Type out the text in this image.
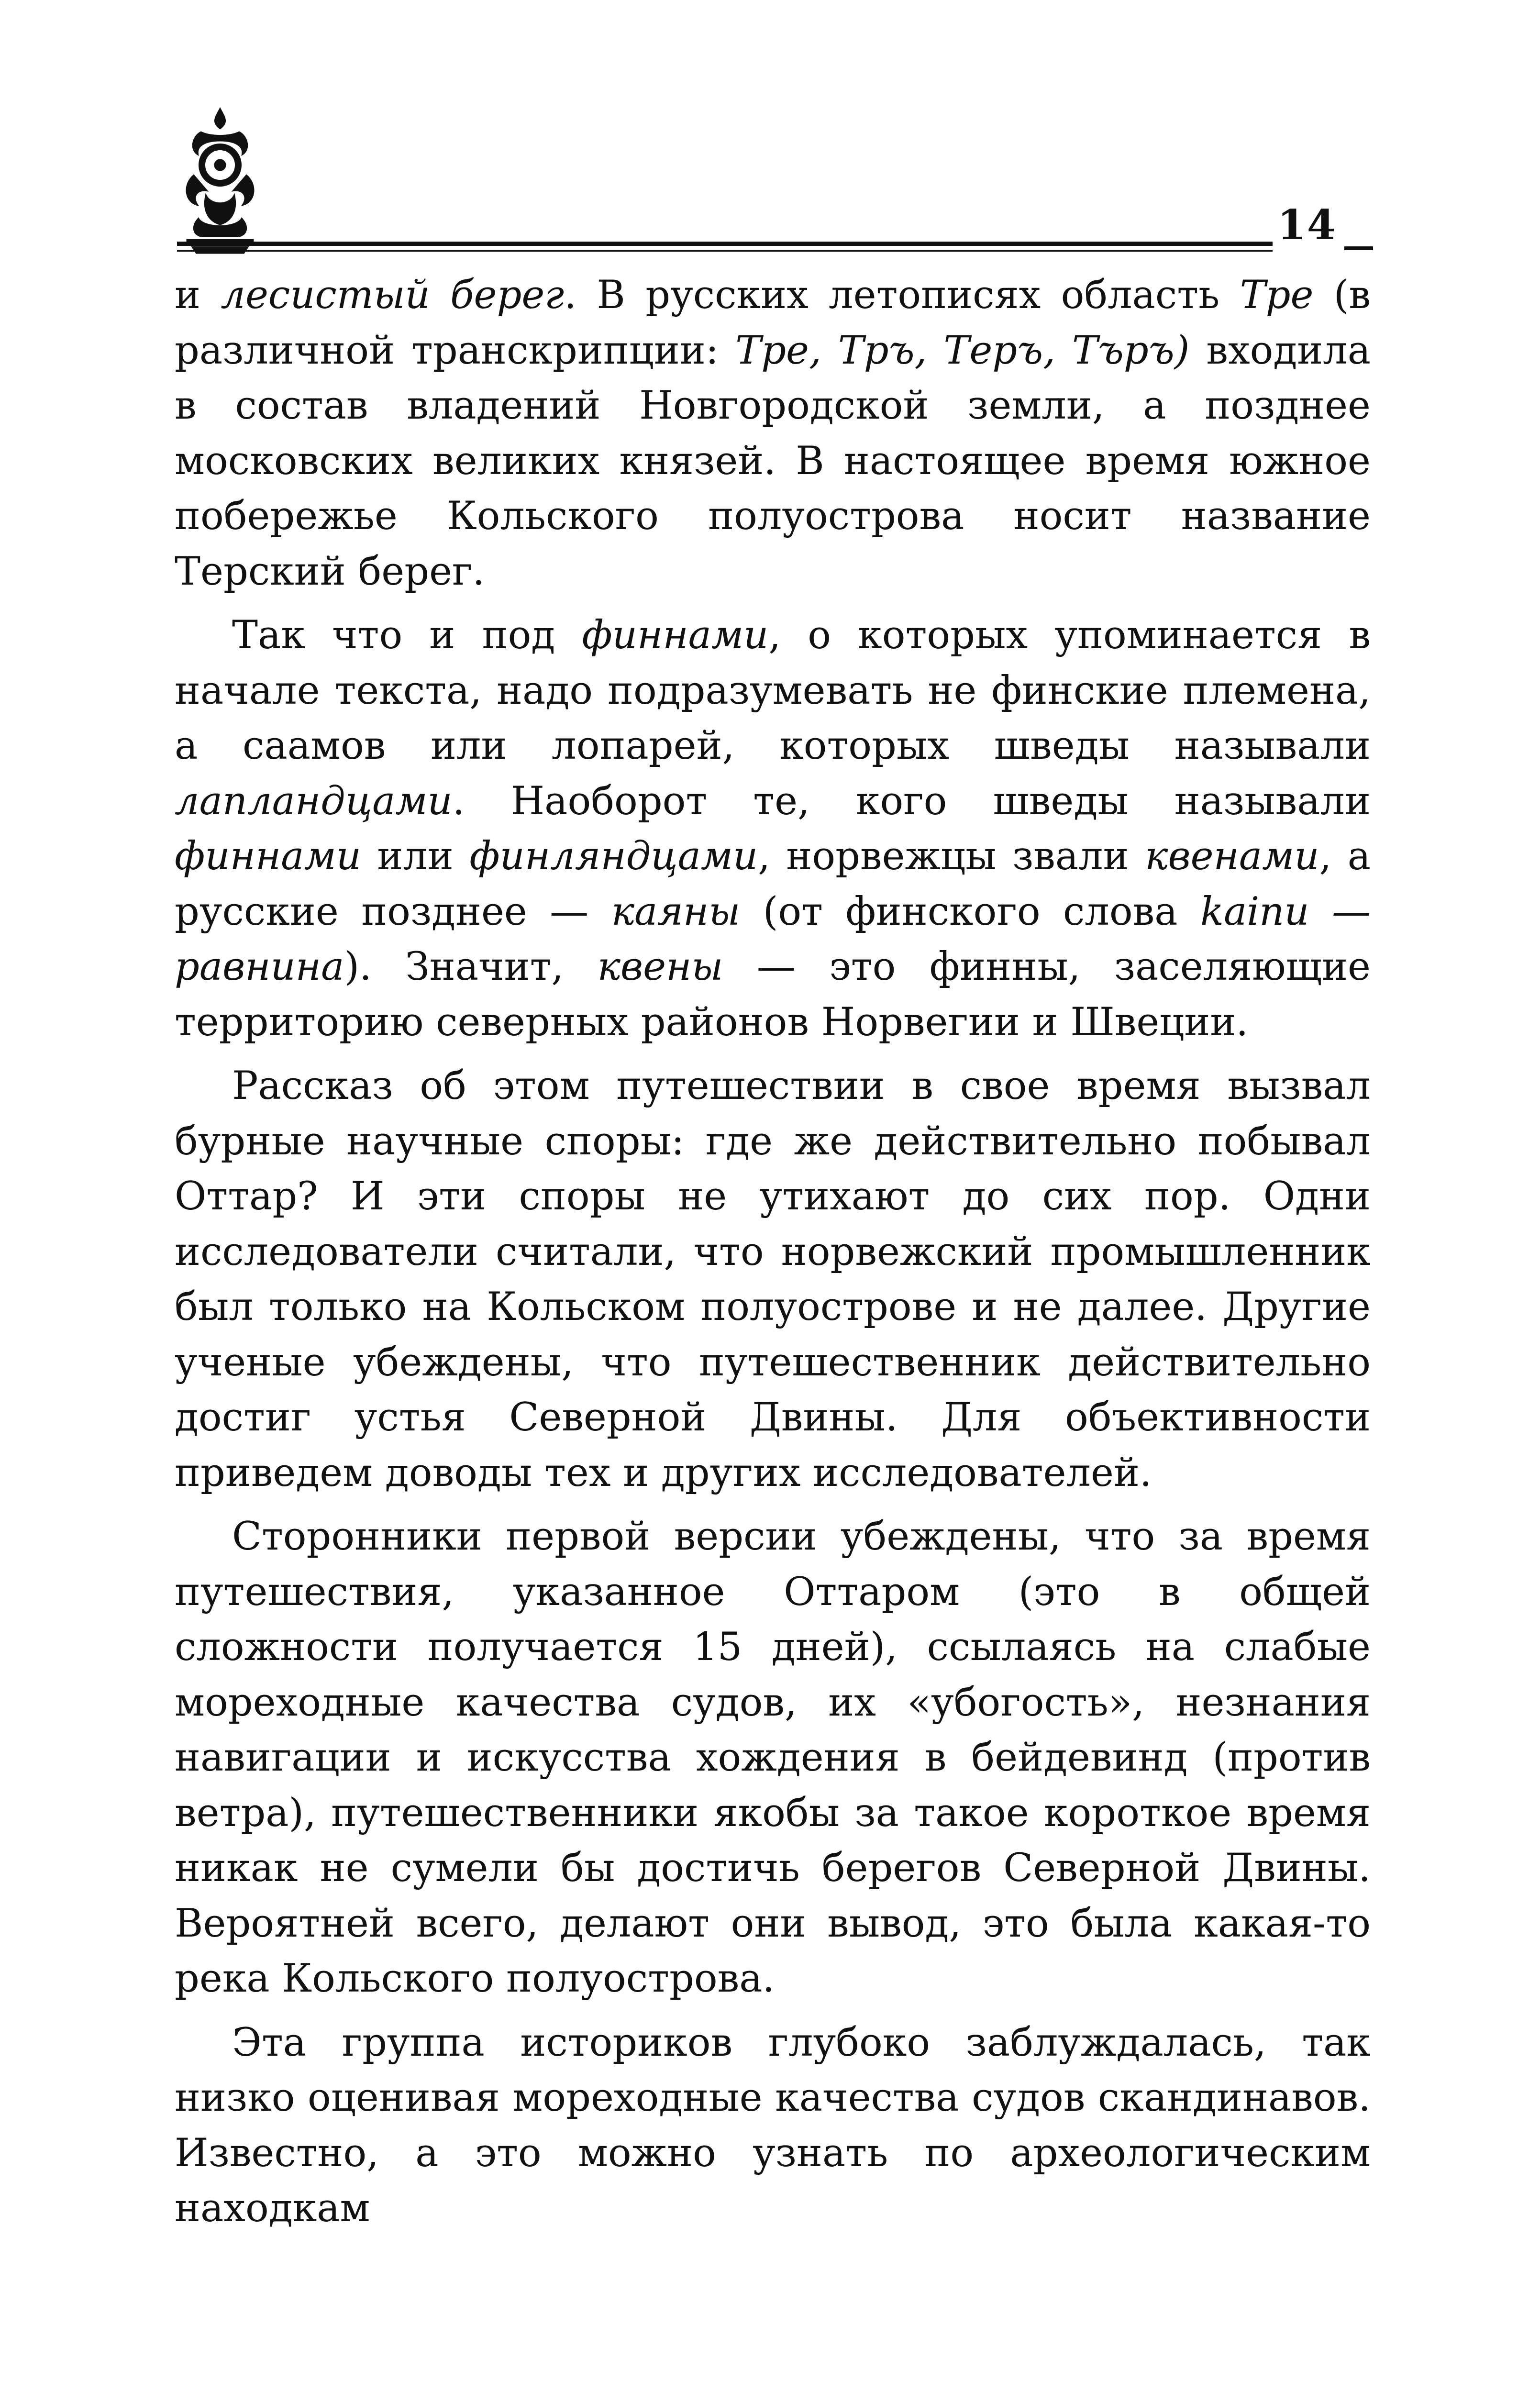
14

и лесистый берег. В русских летописях область Тре (в различной транскрипции: Тре, Тръ, Теръ, Търъ) входила в состав владений Новгородской земли, а позднее московских великих князей. В настоящее время южное побережье Кольского полуострова носит название Терский берег.

Так что и под финнами, о которых упоминается в начале текста, надо подразумевать не финские племена, а саамов или лопарей, которых шведы называли лапландцами. Наоборот те, кого шведы называли финнами или финляндцами, норвежцы звали квенами, а русские позднее — каяны (от финского слова kainu — равнина). Значит, квены — это финны, заселяющие территорию северных районов Норвегии и Швеции.

Рассказ об этом путешествии в свое время вызвал бурные научные споры: где же действительно побывал Оттар? И эти споры не утихают до сих пор. Одни исследователи считали, что норвежский промышленник был только на Кольском полуострове и не далее. Другие ученые убеждены, что путешественник действительно достиг устья Северной Двины. Для объективности приведем доводы тех и других исследователей.

Сторонники первой версии убеждены, что за время путешествия, указанное Оттаром (это в общей сложности получается 15 дней), ссылаясь на слабые мореходные качества судов, их «убогость», незнания навигации и искусства хождения в бейдевинд (против ветра), путешественники якобы за такое короткое время никак не сумели бы достичь берегов Северной Двины. Вероятней всего, делают они вывод, это была какая-то река Кольского полуострова.

Эта группа историков глубоко заблуждалась, так низко оценивая мореходные качества судов скандинавов. Известно, а это можно узнать по археологическим находкам
